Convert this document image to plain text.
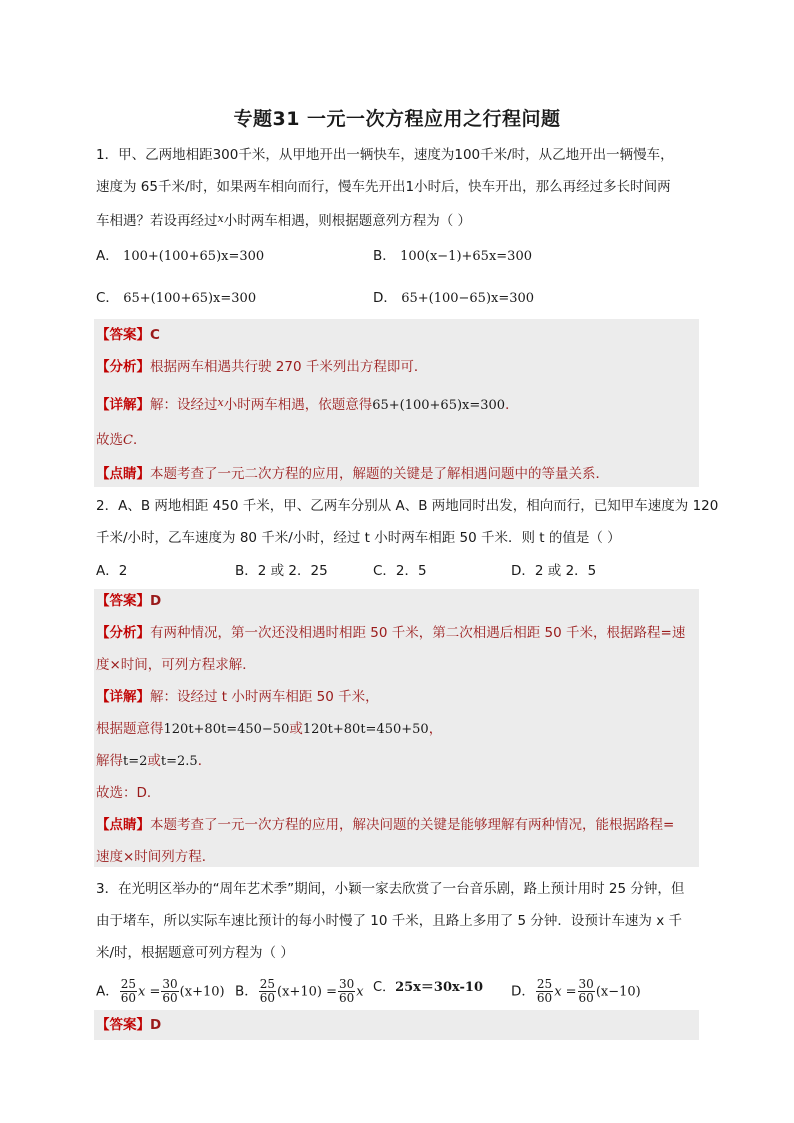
专题31 一元一次方程应用之行程问题
1．甲、乙两地相距300千米，从甲地开出一辆快车，速度为100千米/时，从乙地开出一辆慢车，
速度为 65千米/时，如果两车相向而行，慢车先开出1小时后，快车开出，那么再经过多长时间两
车相遇？若设再经过$^x$小时两车相遇，则根据题意列方程为（ ）
A． 100+(100+65)x=300	B． 100(x−1)+65x=300
C． 65+(100+65)x=300	D． 65+(100−65)x=300
【答案】C
【分析】根据两车相遇共行驶 270 千米列出方程即可．
【详解】解：设经过$^x$小时两车相遇，依题意得65+(100+65)x=300．
故选C．
【点睛】本题考查了一元二次方程的应用，解题的关键是了解相遇问题中的等量关系．
2．A、B 两地相距 450 千米，甲、乙两车分别从 A、B 两地同时出发，相向而行，已知甲车速度为 120
千米/小时，乙车速度为 80 千米/小时，经过 t 小时两车相距 50 千米．则 t 的值是（ ）
A．2	B．2 或 2．25	C．2．5	D．2 或 2．5
【答案】D
【分析】有两种情况，第一次还没相遇时相距 50 千米，第二次相遇后相距 50 千米，根据路程=速
度×时间，可列方程求解．
【详解】解：设经过 t 小时两车相距 50 千米，
根据题意得120t+80t=450−50或120t+80t=450+50，
解得t=2或t=2.5．
故选：D．
【点睛】本题考查了一元一次方程的应用，解决问题的关键是能够理解有两种情况，能根据路程=
速度×时间列方程．
3．在光明区举办的“周年艺术季”期间，小颖一家去欣赏了一台音乐剧，路上预计用时 25 分钟，但
由于堵车，所以实际车速比预计的每小时慢了 10 千米，且路上多用了 5 分钟．设预计车速为 x 千
米/时，根据题意可列方程为（ ）
A． $\frac{25}{60}$ $x = \frac{30}{60} (x+10)$ B． $\frac{25}{60} (x+10) = \frac{30}{60}$ x C．25x＝30x-10 D． $\frac{25}{60}$ $x = \frac{30}{60} (x-10)$
【答案】D
